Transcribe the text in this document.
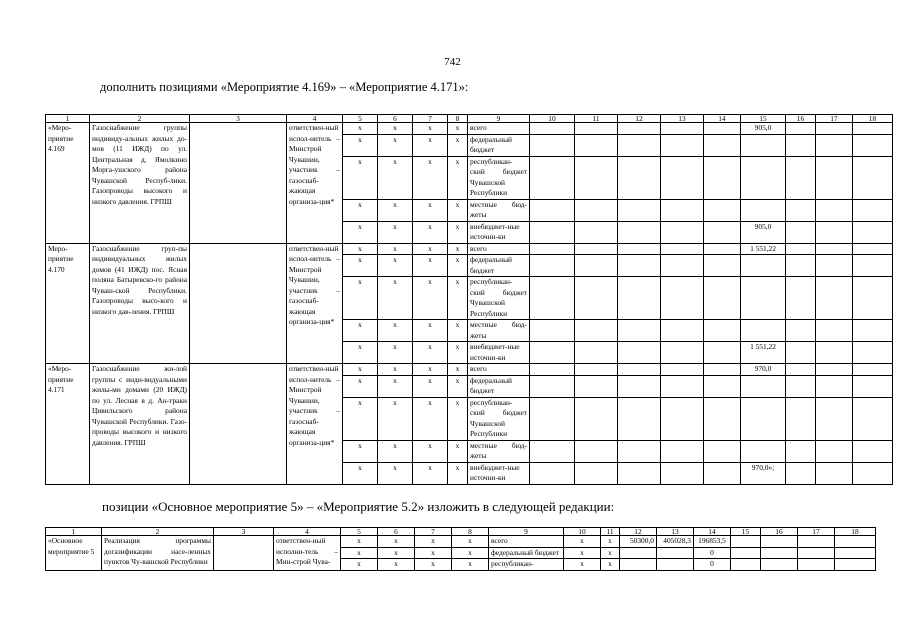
742
дополнить позициями «Мероприятие 4.169» – «Мероприятие 4.171»:
позиции «Основное мероприятие 5» – «Мероприятие 5.2» изложить в следующей редакции:
1	2	3	4	5	6	7	8	9	10	11	12	13	14	15	16	17	18
«Меро-приятие 4.169	Газоснабжение группы индивиду-альных жилых до-мов (11 ИЖД) по ул. Центральная д. Ямолкино Морга-ушского района Чувашской Респуб-лики. Газопроводы высокого и низкого давления. ГРПШ		ответствен-ный испол-нитель – Минстрой Чувашии, участник – газоснаб-жающая организа-ция*	x	x	x	x	всего						905,0			
				x	x	x	x	федеральный бюджет									
				x	x	x	x	республикан-ский бюджет Чувашской Республики									
				x	x	x	x	местные бюд-жеты									
				x	x	x	x	внебюджет-ные источни-ки						905,0			
Меро-приятие 4.170	Газоснабжение груп-пы индивидуальных жилых домов (41 ИЖД) пос. Ясная поляна Батыревско-го района Чуваш-ской Республики. Газопроводы высо-кого и низкого дав-ления. ГРПШ		ответствен-ный испол-нитель – Минстрой Чувашии, участник – газоснаб-жающая организа-ция*	x	x	x	x	всего						1 551,22			
				x	x	x	x	федеральный бюджет									
				x	x	x	x	республикан-ский бюджет Чувашской Республики									
				x	x	x	x	местные бюд-жеты									
				x	x	x	x	внебюджет-ные источни-ки						1 551,22			
«Меро-приятие 4.171	Газоснабжение жи-лой группы с инди-видуальными жилы-ми домами (20 ИЖД) по ул. Лесная в д. Ан-траки Цивильского района Чувашской Республики. Газо-проводы высокого и низкого давления. ГРПШ		ответствен-ный испол-нитель – Минстрой Чувашии, участник – газоснаб-жающая организа-ция*	x	x	x	x	всего						970,0			
				x	x	x	x	федеральный бюджет									
				x	x	x	x	республикан-ский бюджет Чувашской Республики									
				x	x	x	x	местные бюд-жеты									
				x	x	x	x	внебюджет-ные источни-ки						970,0»;			
1	2	3	4	5	6	7	8	9	10	11	12	13	14	15	16	17	18
«Основное мероприятие 5	Реализация программы догазификации насе-ленных пунктов Чу-вашской Республики		ответствен-ный исполни-тель – Мин-строй Чува-	x	x	x	x	всего	x	x	50300,0	405028,3	196853,5				
				x	x	x	x	федеральный бюджет	x	x			0				
				x	x	x	x	республикан-	x	x			0				
